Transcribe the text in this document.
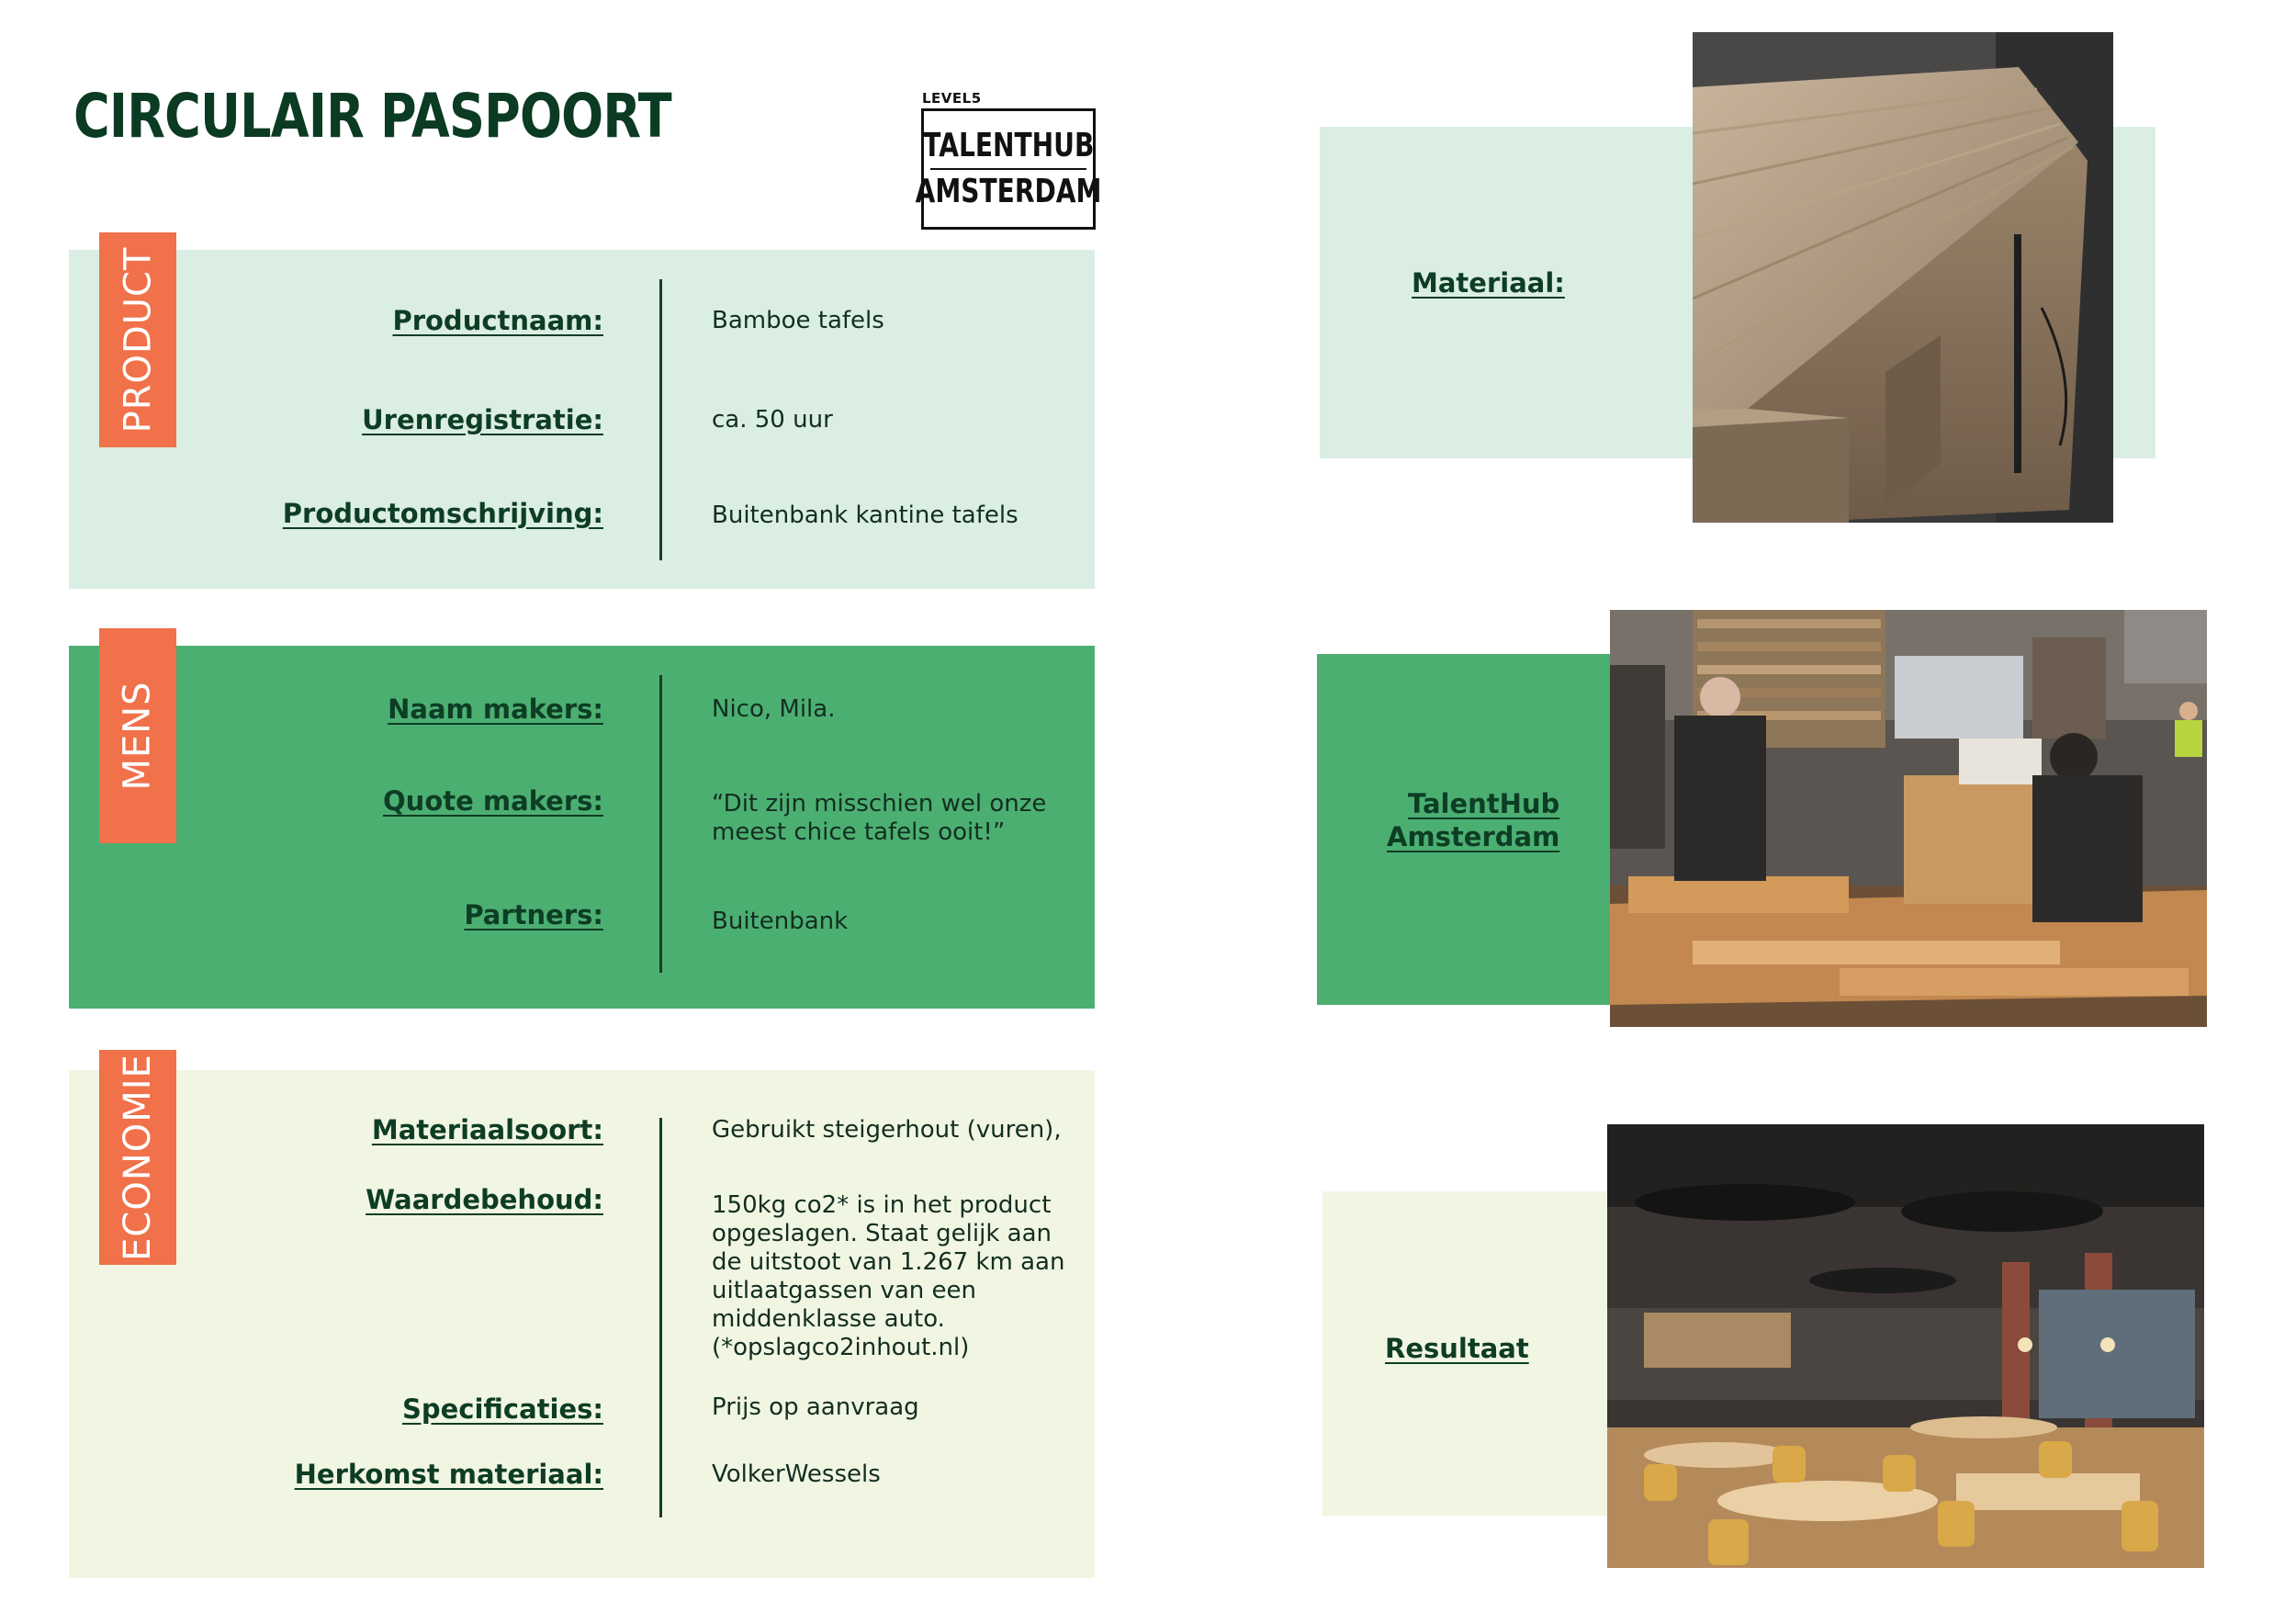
CIRCULAIR PASPOORT	LEVEL5
TALENTHUB
AMSTERDAM
PRODUCT	Productnaam:	Bamboe tafels
Urenregistratie:	ca. 50 uur
Productomschrijving:	Buitenbank kantine tafels
MENS	Naam makers:	Nico, Mila.
Quote makers:	“Dit zijn misschien wel onze meest chice tafels ooit!”
Partners:	Buitenbank
ECONOMIE	Materiaalsoort:	Gebruikt steigerhout (vuren),
Waardebehoud:	150kg co2* is in het product opgeslagen. Staat gelijk aan de uitstoot van 1.267 km aan uitlaatgassen van een middenklasse auto. (*opslagco2inhout.nl)
Specificaties:	Prijs op aanvraag
Herkomst materiaal:	VolkerWessels
Materiaal:
TalentHub
Amsterdam
Resultaat
